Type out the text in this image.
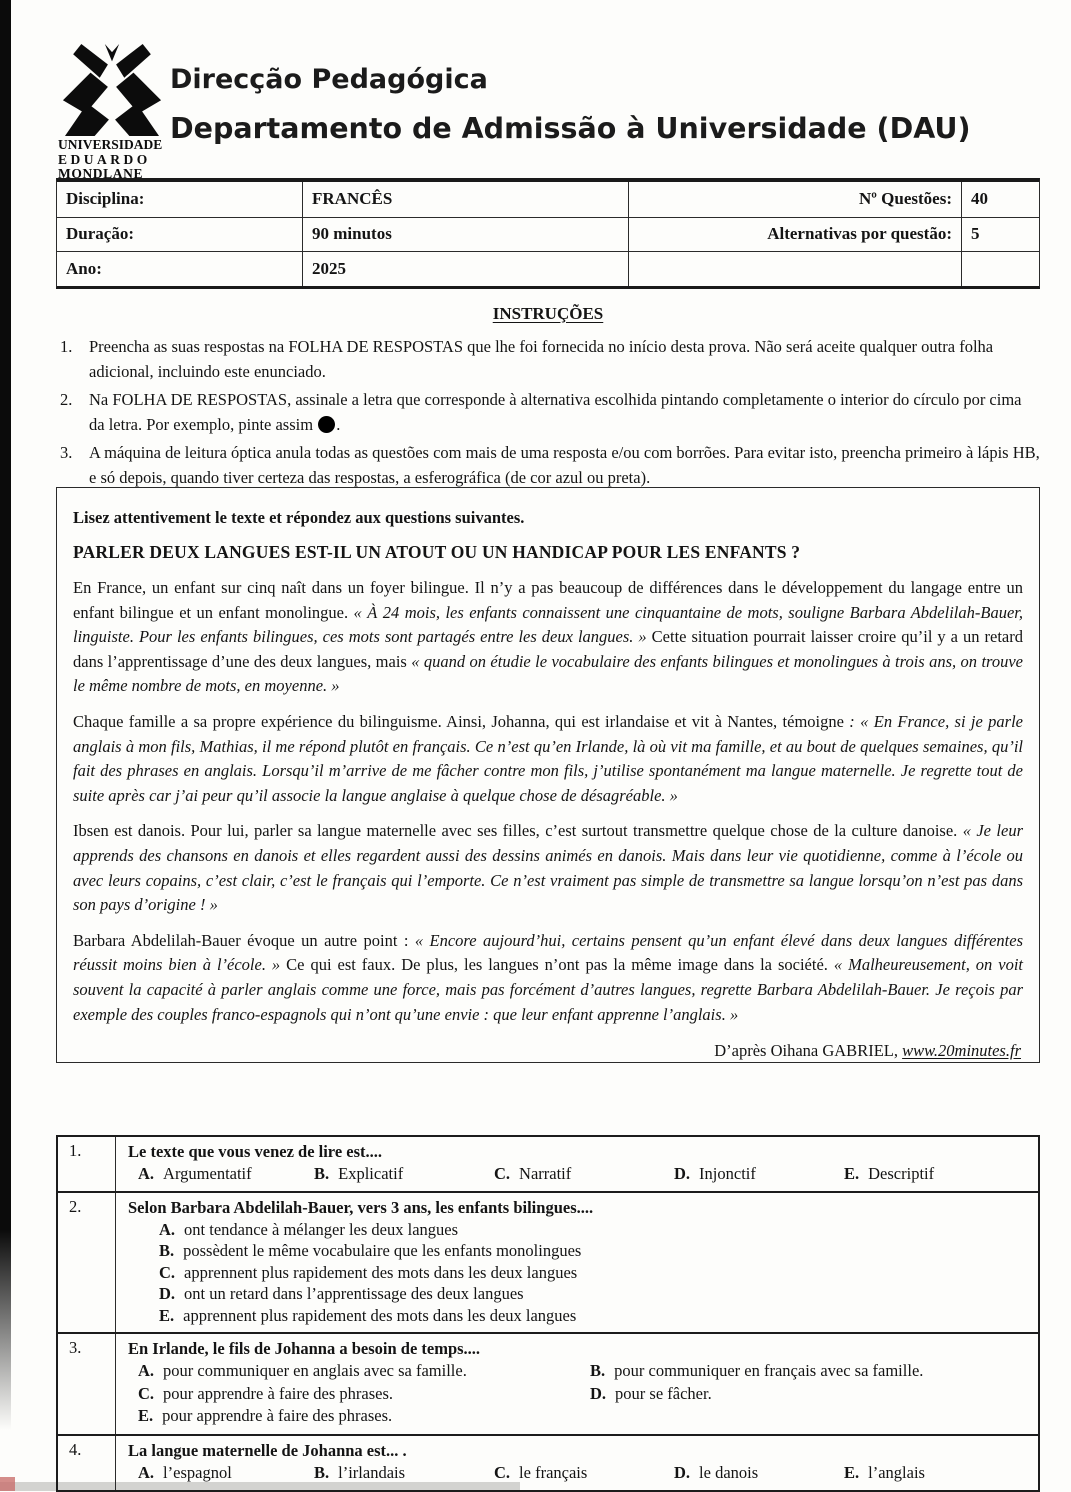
UNIVERSIDADE
EDUARDO
MONDLANE
Direcção Pedagógica
Departamento de Admissão à Universidade (DAU)
Disciplina:	FRANCÊS	Nº Questões:	40
Duração:	90 minutos	Alternativas por questão:	5
Ano:	2025
INSTRUÇÕES
1.	Preencha as suas respostas na FOLHA DE RESPOSTAS que lhe foi fornecida no início desta prova. Não será aceite qualquer outra folha adicional, incluindo este enunciado.
2.	Na FOLHA DE RESPOSTAS, assinale a letra que corresponde à alternativa escolhida pintando completamente o interior do círculo por cima da letra. Por exemplo, pinte assim .
3.	A máquina de leitura óptica anula todas as questões com mais de uma resposta e/ou com borrões. Para evitar isto, preencha primeiro à lápis HB, e só depois, quando tiver certeza das respostas, a esferográfica (de cor azul ou preta).

Lisez attentivement le texte et répondez aux questions suivantes.

PARLER DEUX LANGUES EST-IL UN ATOUT OU UN HANDICAP POUR LES ENFANTS ?

En France, un enfant sur cinq naît dans un foyer bilingue. Il n’y a pas beaucoup de différences dans le développement du langage entre un enfant bilingue et un enfant monolingue. « À 24 mois, les enfants connaissent une cinquantaine de mots, souligne Barbara Abdelilah-Bauer, linguiste. Pour les enfants bilingues, ces mots sont partagés entre les deux langues. » Cette situation pourrait laisser croire qu’il y a un retard dans l’apprentissage d’une des deux langues, mais « quand on étudie le vocabulaire des enfants bilingues et monolingues à trois ans, on trouve le même nombre de mots, en moyenne. »

Chaque famille a sa propre expérience du bilinguisme. Ainsi, Johanna, qui est irlandaise et vit à Nantes, témoigne : « En France, si je parle anglais à mon fils, Mathias, il me répond plutôt en français. Ce n’est qu’en Irlande, là où vit ma famille, et au bout de quelques semaines, qu’il fait des phrases en anglais. Lorsqu’il m’arrive de me fâcher contre mon fils, j’utilise spontanément ma langue maternelle. Je regrette tout de suite après car j’ai peur qu’il associe la langue anglaise à quelque chose de désagréable. »

Ibsen est danois. Pour lui, parler sa langue maternelle avec ses filles, c’est surtout transmettre quelque chose de la culture danoise. « Je leur apprends des chansons en danois et elles regardent aussi des dessins animés en danois. Mais dans leur vie quotidienne, comme à l’école ou avec leurs copains, c’est clair, c’est le français qui l’emporte. Ce n’est vraiment pas simple de transmettre sa langue lorsqu’on n’est pas dans son pays d’origine ! »

Barbara Abdelilah-Bauer évoque un autre point : « Encore aujourd’hui, certains pensent qu’un enfant élevé dans deux langues différentes réussit moins bien à l’école. » Ce qui est faux. De plus, les langues n’ont pas la même image dans la société. « Malheureusement, on voit souvent la capacité à parler anglais comme une force, mais pas forcément d’autres langues, regrette Barbara Abdelilah-Bauer. Je reçois par exemple des couples franco-espagnols qui n’ont qu’une envie : que leur enfant apprenne l’anglais. »

D’après Oihana GABRIEL, www.20minutes.fr

1.	Le texte que vous venez de lire est....
A. Argumentatif	B. Explicatif	C. Narratif	D. Injonctif	E. Descriptif
2.	Selon Barbara Abdelilah-Bauer, vers 3 ans, les enfants bilingues....
A. ont tendance à mélanger les deux langues
B. possèdent le même vocabulaire que les enfants monolingues
C. apprennent plus rapidement des mots dans les deux langues
D. ont un retard dans l’apprentissage des deux langues
E. apprennent plus rapidement des mots dans les deux langues
3.	En Irlande, le fils de Johanna a besoin de temps....
A. pour communiquer en anglais avec sa famille.	B. pour communiquer en français avec sa famille.
C. pour apprendre à faire des phrases.	D. pour se fâcher.
E. pour apprendre à faire des phrases.
4.	La langue maternelle de Johanna est... .
A. l’espagnol	B. l’irlandais	C. le français	D. le danois	E. l’anglais
